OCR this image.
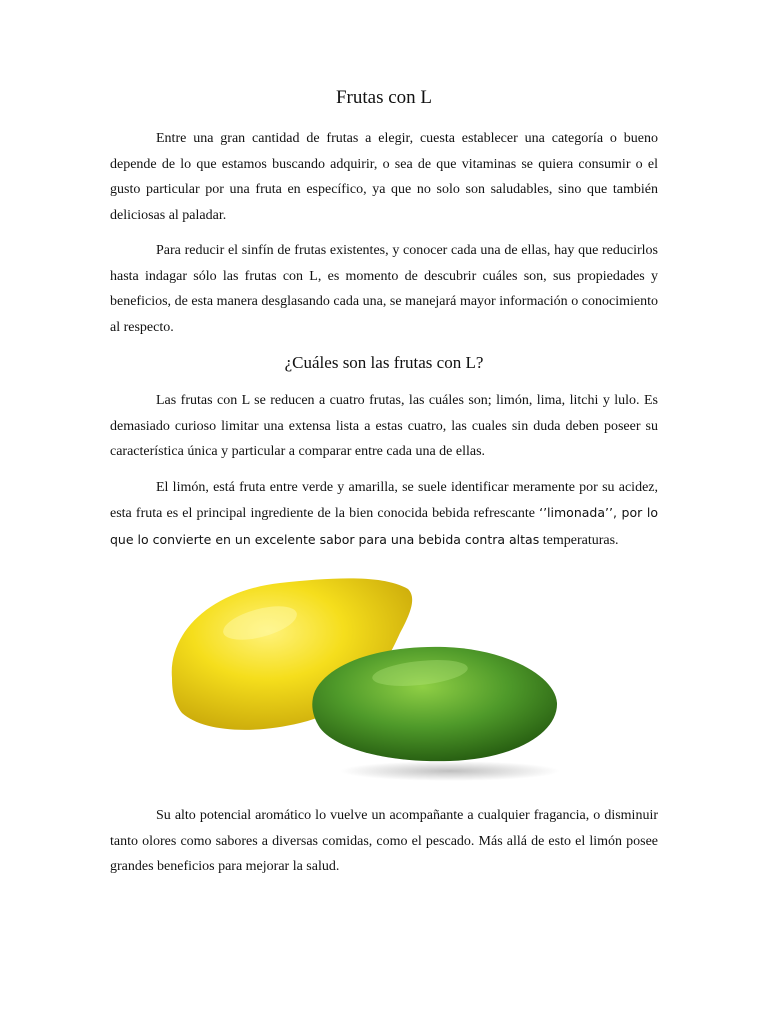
Frutas con L

Entre una gran cantidad de frutas a elegir, cuesta establecer una categoría o bueno depende de lo que estamos buscando adquirir, o sea de que vitaminas se quiera consumir o el gusto particular por una fruta en específico, ya que no solo son saludables, sino que también deliciosas al paladar.

Para reducir el sinfín de frutas existentes, y conocer cada una de ellas, hay que reducirlos hasta indagar sólo las frutas con L, es momento de descubrir cuáles son, sus propiedades y beneficios, de esta manera desglasando cada una, se manejará mayor información o conocimiento al respecto.

¿Cuáles son las frutas con L?

Las frutas con L se reducen a cuatro frutas, las cuáles son; limón, lima, litchi y lulo. Es demasiado curioso limitar una extensa lista a estas cuatro, las cuales sin duda deben poseer su característica única y particular a comparar entre cada una de ellas.

El limón, está fruta entre verde y amarilla, se suele identificar meramente por su acidez, esta fruta es el principal ingrediente de la bien conocida bebida refrescante ‘’limonada’’, por lo que lo convierte en un excelente sabor para una bebida contra altas temperaturas.

Su alto potencial aromático lo vuelve un acompañante a cualquier fragancia, o disminuir tanto olores como sabores a diversas comidas, como el pescado. Más allá de esto el limón posee grandes beneficios para mejorar la salud.
